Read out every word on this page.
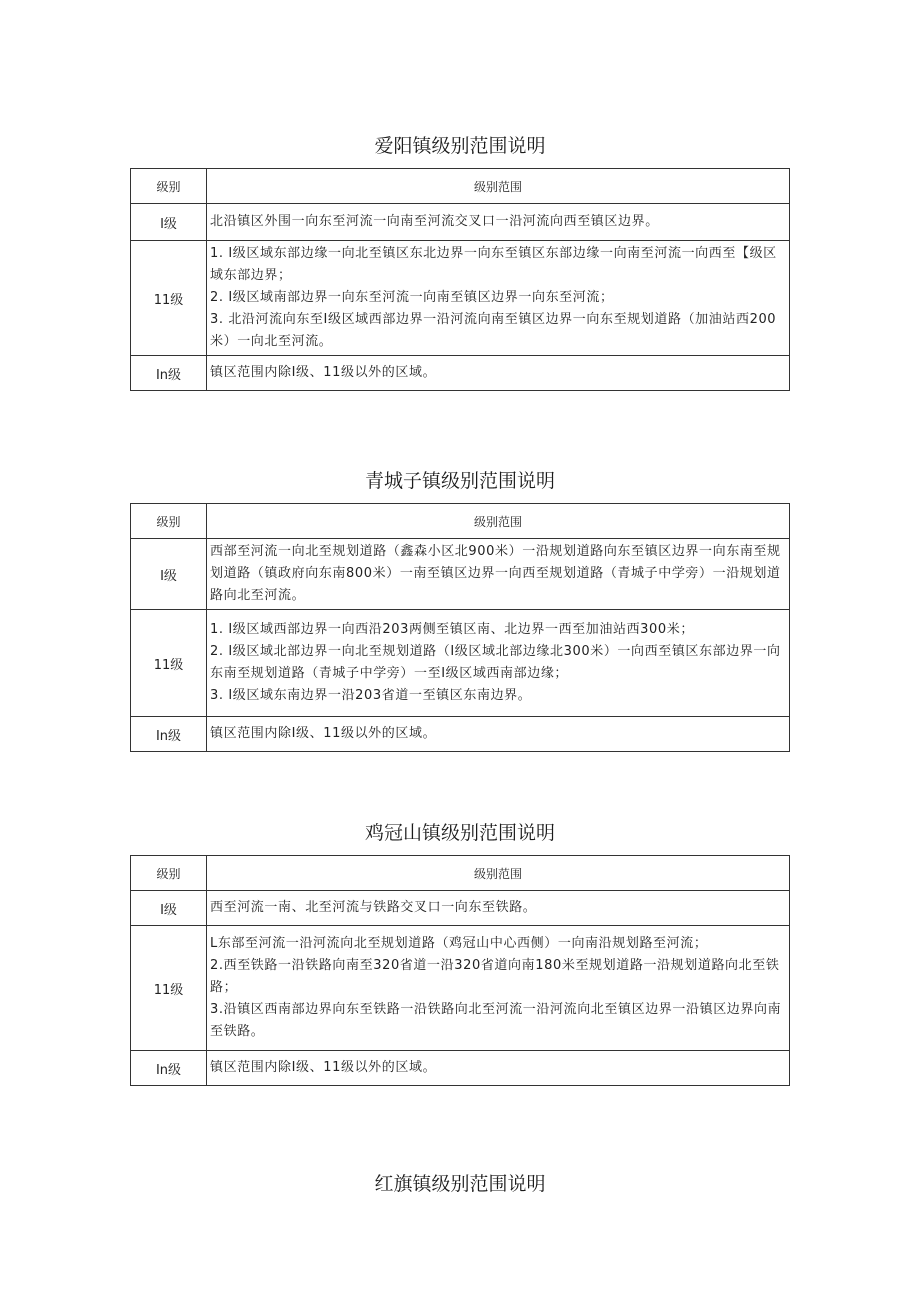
爱阳镇级别范围说明
级别	级别范围
I级	北沿镇区外围一向东至河流一向南至河流交叉口一沿河流向西至镇区边界。

11级	1. I级区域东部边缘一向北至镇区东北边界一向东至镇区东部边缘一向南至河流一向西至【级区域东部边界；
2. I级区域南部边界一向东至河流一向南至镇区边界一向东至河流；
3. 北沿河流向东至I级区域西部边界一沿河流向南至镇区边界一向东至规划道路（加油站西200米）一向北至河流。

In级	镇区范围内除I级、11级以外的区域。
青城子镇级别范围说明
级别	级别范围
I级	西部至河流一向北至规划道路（鑫森小区北900米）一沿规划道路向东至镇区边界一向东南至规划道路（镇政府向东南800米）一南至镇区边界一向西至规划道路（青城子中学旁）一沿规划道路向北至河流。

11级	1. I级区域西部边界一向西沿203两侧至镇区南、北边界一西至加油站西300米；
2. I级区域北部边界一向北至规划道路（I级区域北部边缘北300米）一向西至镇区东部边界一向东南至规划道路（青城子中学旁）一至I级区域西南部边缘；
3. I级区域东南边界一沿203省道一至镇区东南边界。

In级	镇区范围内除I级、11级以外的区域。
鸡冠山镇级别范围说明
级别	级别范围
I级	西至河流一南、北至河流与铁路交叉口一向东至铁路。

11级	L东部至河流一沿河流向北至规划道路（鸡冠山中心西侧）一向南沿规划路至河流；
2.西至铁路一沿铁路向南至320省道一沿320省道向南180米至规划道路一沿规划道路向北至铁路；
3.沿镇区西南部边界向东至铁路一沿铁路向北至河流一沿河流向北至镇区边界一沿镇区边界向南至铁路。

In级	镇区范围内除I级、11级以外的区域。
红旗镇级别范围说明
